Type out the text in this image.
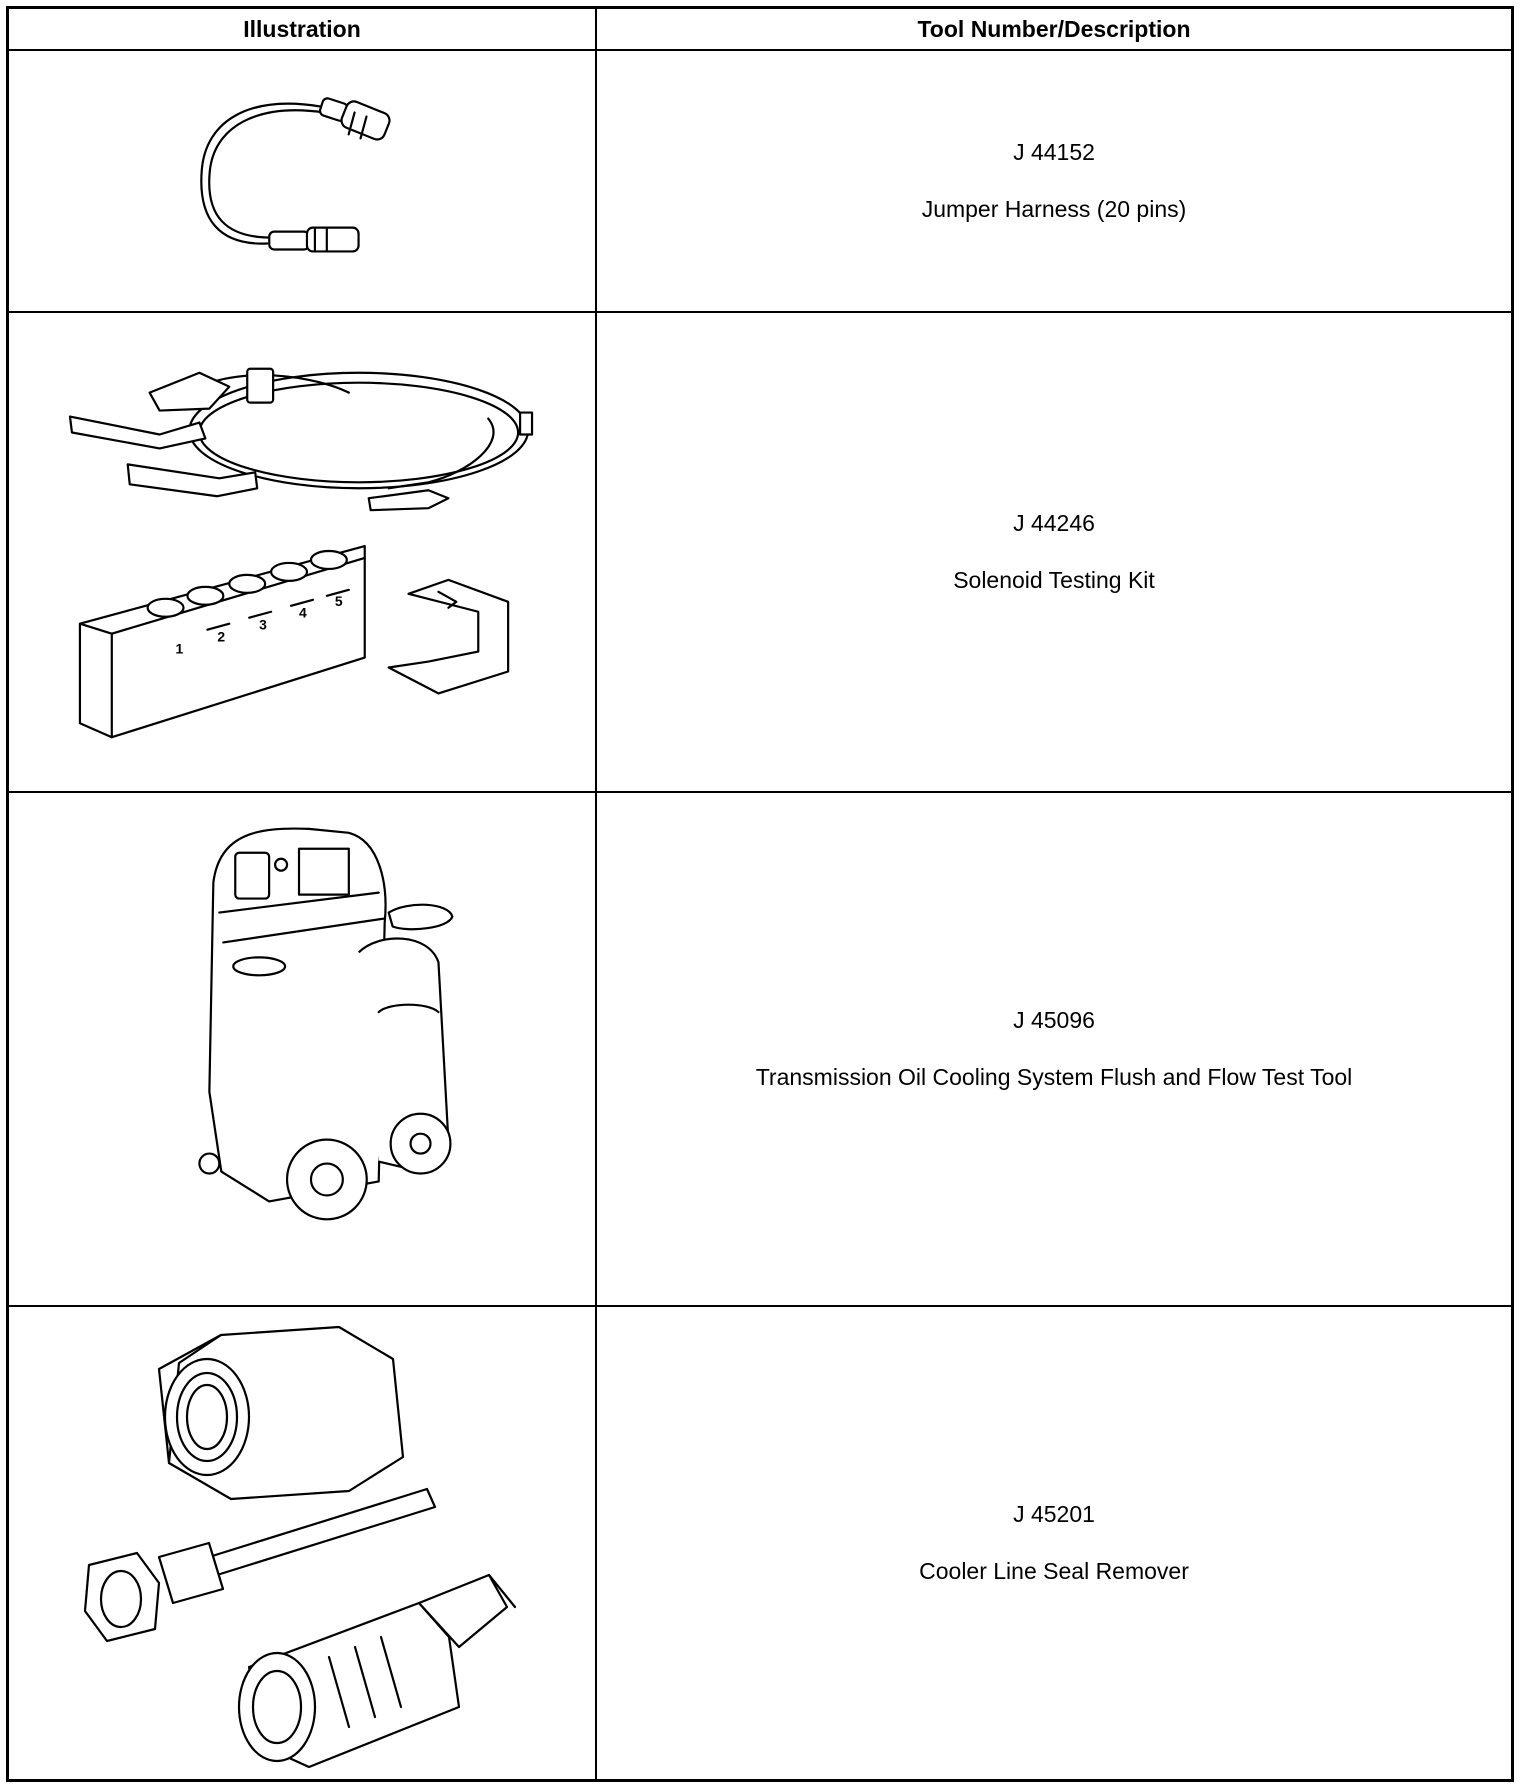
Illustration	Tool Number/Description
J 44152
Jumper Harness (20 pins)
1
2
3
4
5
J 44246
Solenoid Testing Kit
J 45096
Transmission Oil Cooling System Flush and Flow Test Tool
J 45201
Cooler Line Seal Remover
